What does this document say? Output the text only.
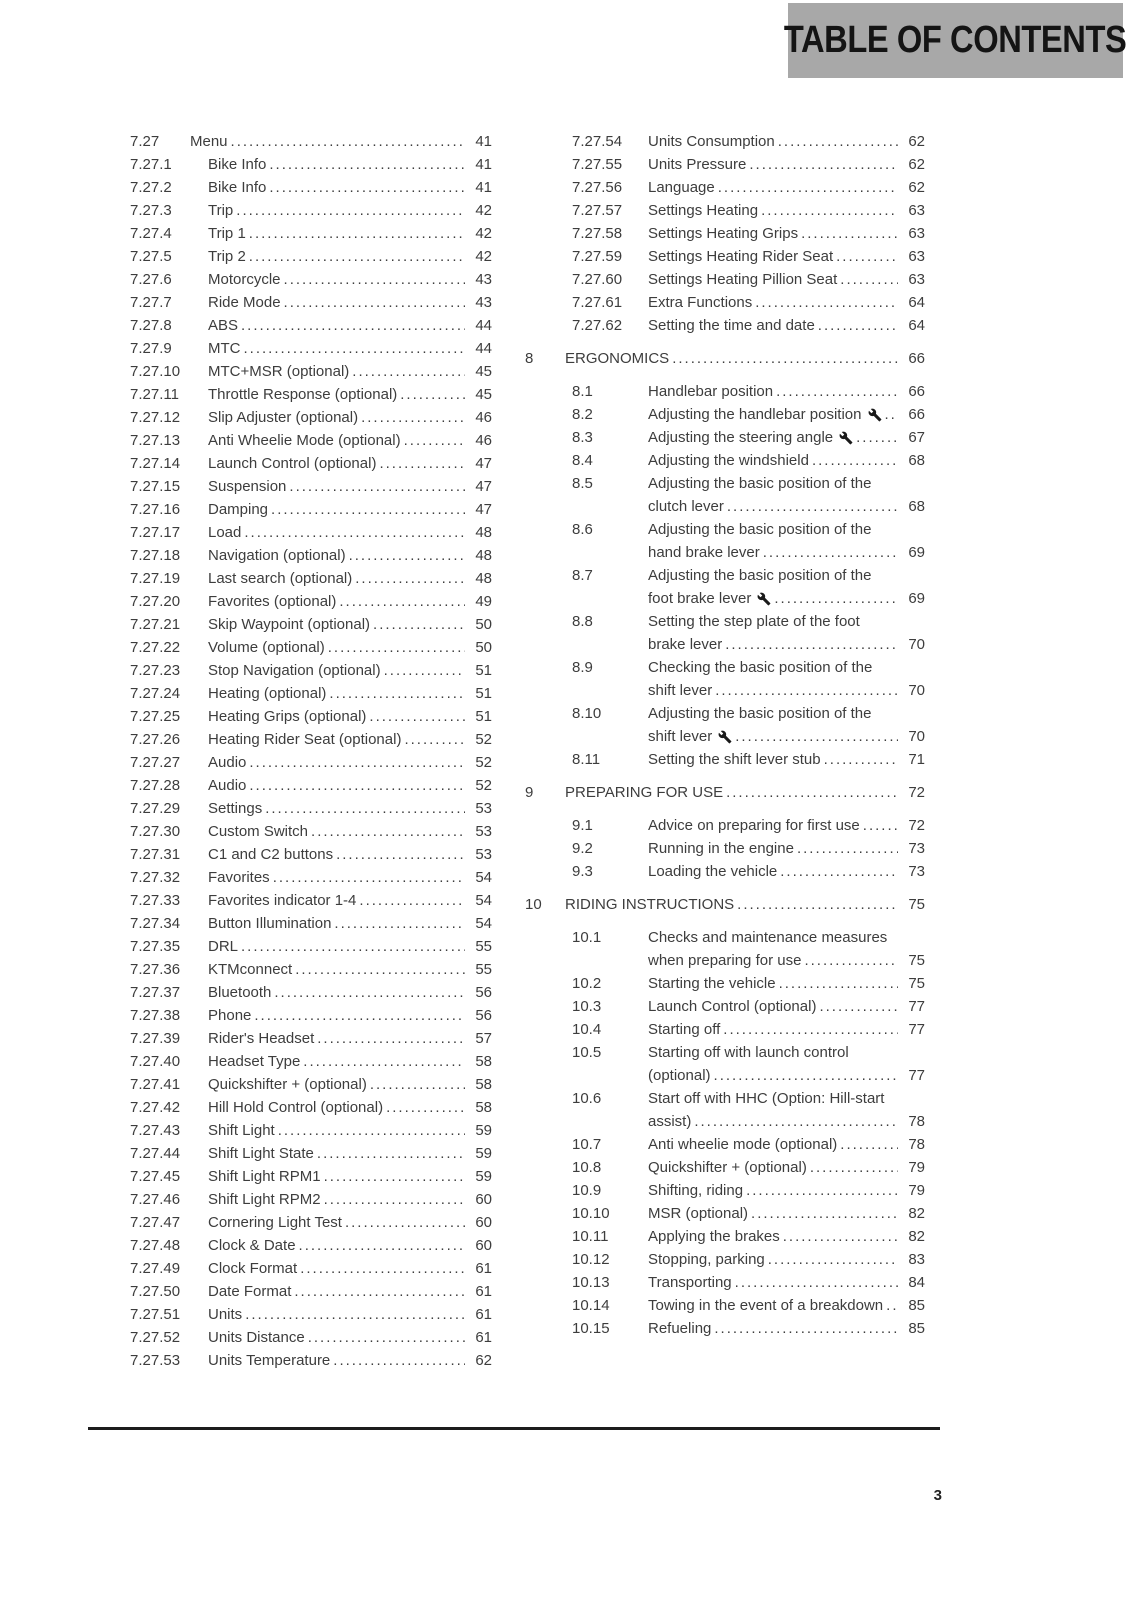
TABLE OF CONTENTS
7.27	Menu .....	41
7.27.1	Bike Info .....	41
7.27.2	Bike Info .....	41
7.27.3	Trip .....	42
7.27.4	Trip 1 .....	42
7.27.5	Trip 2 .....	42
7.27.6	Motorcycle .....	43
7.27.7	Ride Mode .....	43
7.27.8	ABS .....	44
7.27.9	MTC .....	44
7.27.10	MTC+MSR (optional) .....	45
7.27.11	Throttle Response (optional) .....	45
7.27.12	Slip Adjuster (optional) .....	46
7.27.13	Anti Wheelie Mode (optional) .....	46
7.27.14	Launch Control (optional) .....	47
7.27.15	Suspension .....	47
7.27.16	Damping .....	47
7.27.17	Load .....	48
7.27.18	Navigation (optional) .....	48
7.27.19	Last search (optional) .....	48
7.27.20	Favorites (optional) .....	49
7.27.21	Skip Waypoint (optional) .....	50
7.27.22	Volume (optional) .....	50
7.27.23	Stop Navigation (optional) .....	51
7.27.24	Heating (optional) .....	51
7.27.25	Heating Grips (optional) .....	51
7.27.26	Heating Rider Seat (optional) .....	52
7.27.27	Audio .....	52
7.27.28	Audio .....	52
7.27.29	Settings .....	53
7.27.30	Custom Switch .....	53
7.27.31	C1 and C2 buttons .....	53
7.27.32	Favorites .....	54
7.27.33	Favorites indicator 1-4 .....	54
7.27.34	Button Illumination .....	54
7.27.35	DRL .....	55
7.27.36	KTMconnect .....	55
7.27.37	Bluetooth .....	56
7.27.38	Phone .....	56
7.27.39	Rider's Headset .....	57
7.27.40	Headset Type .....	58
7.27.41	Quickshifter + (optional) .....	58
7.27.42	Hill Hold Control (optional) .....	58
7.27.43	Shift Light .....	59
7.27.44	Shift Light State .....	59
7.27.45	Shift Light RPM1 .....	59
7.27.46	Shift Light RPM2 .....	60
7.27.47	Cornering Light Test .....	60
7.27.48	Clock & Date .....	60
7.27.49	Clock Format .....	61
7.27.50	Date Format .....	61
7.27.51	Units .....	61
7.27.52	Units Distance .....	61
7.27.53	Units Temperature .....	62
7.27.54	Units Consumption .....	62
7.27.55	Units Pressure .....	62
7.27.56	Language .....	62
7.27.57	Settings Heating .....	63
7.27.58	Settings Heating Grips .....	63
7.27.59	Settings Heating Rider Seat .....	63
7.27.60	Settings Heating Pillion Seat .....	63
7.27.61	Extra Functions .....	64
7.27.62	Setting the time and date .....	64
8	ERGONOMICS .....	66
8.1	Handlebar position .....	66
8.2	Adjusting the handlebar position .....	66
8.3	Adjusting the steering angle .....	67
8.4	Adjusting the windshield .....	68
8.5	Adjusting the basic position of the
clutch lever .....	68
8.6	Adjusting the basic position of the
hand brake lever .....	69
8.7	Adjusting the basic position of the
foot brake lever .....	69
8.8	Setting the step plate of the foot
brake lever .....	70
8.9	Checking the basic position of the
shift lever .....	70
8.10	Adjusting the basic position of the
shift lever .....	70
8.11	Setting the shift lever stub .....	71
9	PREPARING FOR USE .....	72
9.1	Advice on preparing for first use .....	72
9.2	Running in the engine .....	73
9.3	Loading the vehicle .....	73
10	RIDING INSTRUCTIONS .....	75
10.1	Checks and maintenance measures
when preparing for use .....	75
10.2	Starting the vehicle .....	75
10.3	Launch Control (optional) .....	77
10.4	Starting off .....	77
10.5	Starting off with launch control
(optional) .....	77
10.6	Start off with HHC (Option: Hill-start
assist) .....	78
10.7	Anti wheelie mode (optional) .....	78
10.8	Quickshifter + (optional) .....	79
10.9	Shifting, riding .....	79
10.10	MSR (optional) .....	82
10.11	Applying the brakes .....	82
10.12	Stopping, parking .....	83
10.13	Transporting .....	84
10.14	Towing in the event of a breakdown .....	85
10.15	Refueling .....	85
3
